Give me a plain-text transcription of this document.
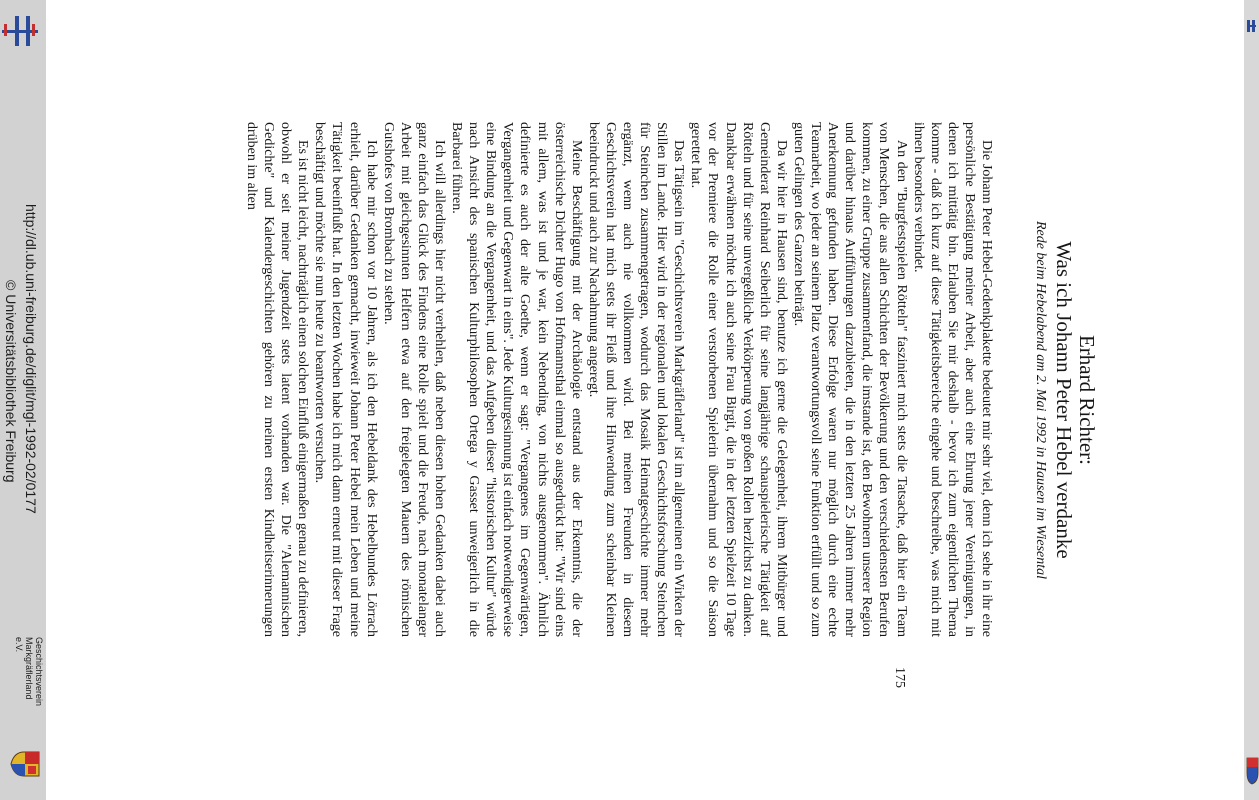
http://dl.ub.uni-freiburg.de/diglit/mgl-1992-02/0177
© Universitätsbibliothek Freiburg
Geschichtsverein Markgräflerland e.V.
Erhard Richter:
Was ich Johann Peter Hebel verdanke
Rede beim Hebelabend am 2. Mai 1992 in Hausen im Wiesental

Die Johann Peter Hebel-Gedenkplakette bedeutet mir sehr viel, denn ich sehe in ihr eine persönliche Bestätigung meiner Arbeit, aber auch eine Ehrung jener Vereinigungen, in denen ich mittätig bin. Erlauben Sie mir deshalb - bevor ich zum eigentlichen Thema komme - daß ich kurz auf diese Tätigkeitsbereiche eingehe und beschreibe, was mich mit ihnen besonders verbindet.

An den "Burgfestspielen Rötteln" fasziniert mich stets die Tatsache, daß hier ein Team von Menschen, die aus allen Schichten der Bevölkerung und den verschiedensten Berufen kommen, zu einer Gruppe zusammenfand, die imstande ist, den Bewohnern unserer Region und darüber hinaus Aufführungen darzubieten, die in den letzten 25 Jahren immer mehr Anerkennung gefunden haben. Diese Erfolge waren nur möglich durch eine echte Teamarbeit, wo jeder an seinem Platz verantwortungsvoll seine Funktion erfüllt und so zum guten Gelingen des Ganzen beiträgt.

Da wir hier in Hausen sind, benutze ich gerne die Gelegenheit, ihrem Mitbürger und Gemeinderat Reinhard Seiberlich für seine langjährige schauspielerische Tätigkeit auf Rötteln und für seine unvergeßliche Verkörperung von großen Rollen herzlichst zu danken. Dankbar erwähnen möchte ich auch seine Frau Birgit, die in der letzten Spielzeit 10 Tage vor der Premiere die Rolle einer verstorbenen Spielerin übernahm und so die Saison gerettet hat.

Das Tätigsein im "Geschichtsverein Markgräflerland" ist im allgemeinen ein Wirken der Stillen im Lande. Hier wird in der regionalen und lokalen Geschichtsforschung Steinchen für Steinchen zusammengetragen, wodurch das Mosaik Heimatgeschichte immer mehr ergänzt, wenn auch nie vollkommen wird. Bei meinen Freunden in diesem Geschichtsverein hat mich stets ihr Fleiß und ihre Hinwendung zum scheinbar Kleinen beeindruckt und auch zur Nachahmung angeregt.

Meine Beschäftigung mit der Archäologie entstand aus der Erkenntnis, die der österreichische Dichter Hugo von Hofmannsthal einmal so ausgedrückt hat: "Wir sind eins mit allem, was ist und je war, kein Nebending, von nichts ausgenommen". Ähnlich definierte es auch der alte Goethe, wenn er sagt: "Vergangenes im Gegenwärtigen, Vergangenheit und Gegenwart in eins". Jede Kulturgesinnung ist einfach notwendigerweise eine Bindung an die Vergangenheit, und das Aufgeben dieser "historischen Kultur" würde nach Ansicht des spanischen Kulturphilosophen Ortega y Gasset unweigerlich in die Barbarei führen.

Ich will allerdings hier nicht verhehlen, daß neben diesen hohen Gedanken dabei auch ganz einfach das Glück des Findens eine Rolle spielt und die Freude, nach monatelanger Arbeit mit gleichgesinnten Helfern etwa auf den freigelegten Mauern des römischen Gutshofes von Brombach zu stehen.

Ich habe mir schon vor 10 Jahren, als ich den Hebeldank des Hebelbundes Lörrach erhielt, darüber Gedanken gemacht, inwieweit Johann Peter Hebel mein Leben und meine Tätigkeit beeinflußt hat. In den letzten Wochen habe ich mich dann erneut mit dieser Frage beschäftigt und möchte sie nun heute zu beantworten versuchen.

Es ist nicht leicht, nachträglich einen solchen Einfluß einigermaßen genau zu definieren, obwohl er seit meiner Jugendzeit stets latent vorhanden war. Die "Alemannischen Gedichte" und Kalendergeschichten gehören zu meinen ersten Kindheitserinnerungen drüben im alten

175
